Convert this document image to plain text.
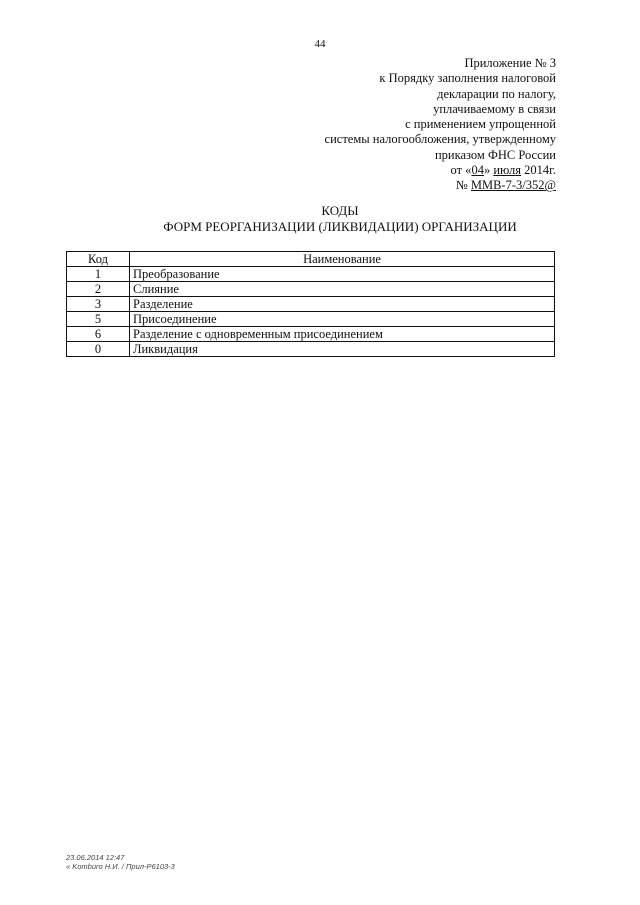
44
Приложение № 3
к Порядку заполнения налоговой
декларации по налогу,
уплачиваемому в связи
с применением упрощенной
системы налогообложения, утвержденному
приказом ФНС России
от «04» июля 2014г.
№ ММВ-7-3/352@
КОДЫ
ФОРМ РЕОРГАНИЗАЦИИ (ЛИКВИДАЦИИ) ОРГАНИЗАЦИИ
Код	Наименование
1	Преобразование
2	Слияние
3	Разделение
5	Присоединение
6	Разделение с одновременным присоединением
0	Ликвидация
23.06.2014 12:47
« Komburo H.И. / Прил-Р6103-3
